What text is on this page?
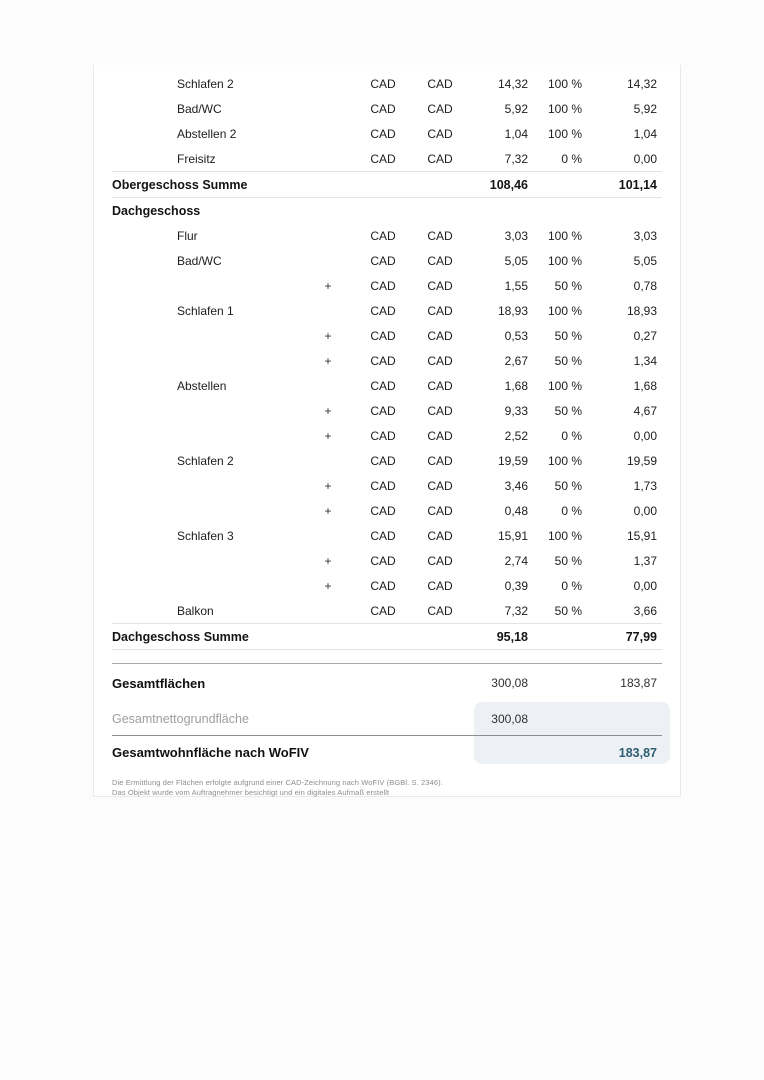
Schlafen 2	CAD	CAD	14,32	100 %	14,32
Bad/WC	CAD	CAD	5,92	100 %	5,92
Abstellen 2	CAD	CAD	1,04	100 %	1,04
Freisitz	CAD	CAD	7,32	0 %	0,00
Obergeschoss Summe	108,46	101,14
Dachgeschoss
Flur	CAD	CAD	3,03	100 %	3,03
Bad/WC	CAD	CAD	5,05	100 %	5,05
+	CAD	CAD	1,55	50 %	0,78
Schlafen 1	CAD	CAD	18,93	100 %	18,93
+	CAD	CAD	0,53	50 %	0,27
+	CAD	CAD	2,67	50 %	1,34
Abstellen	CAD	CAD	1,68	100 %	1,68
+	CAD	CAD	9,33	50 %	4,67
+	CAD	CAD	2,52	0 %	0,00
Schlafen 2	CAD	CAD	19,59	100 %	19,59
+	CAD	CAD	3,46	50 %	1,73
+	CAD	CAD	0,48	0 %	0,00
Schlafen 3	CAD	CAD	15,91	100 %	15,91
+	CAD	CAD	2,74	50 %	1,37
+	CAD	CAD	0,39	0 %	0,00
Balkon	CAD	CAD	7,32	50 %	3,66
Dachgeschoss Summe	95,18	77,99
Gesamtflächen	300,08	183,87
Gesamtnettogrundfläche	300,08
Gesamtwohnfläche nach WoFIV	183,87
Die Ermittlung der Flächen erfolgte aufgrund einer CAD-Zeichnung nach WoFIV (BGBl. S. 2346).
Das Objekt wurde vom Auftragnehmer besichtigt und ein digitales Aufmaß erstellt
